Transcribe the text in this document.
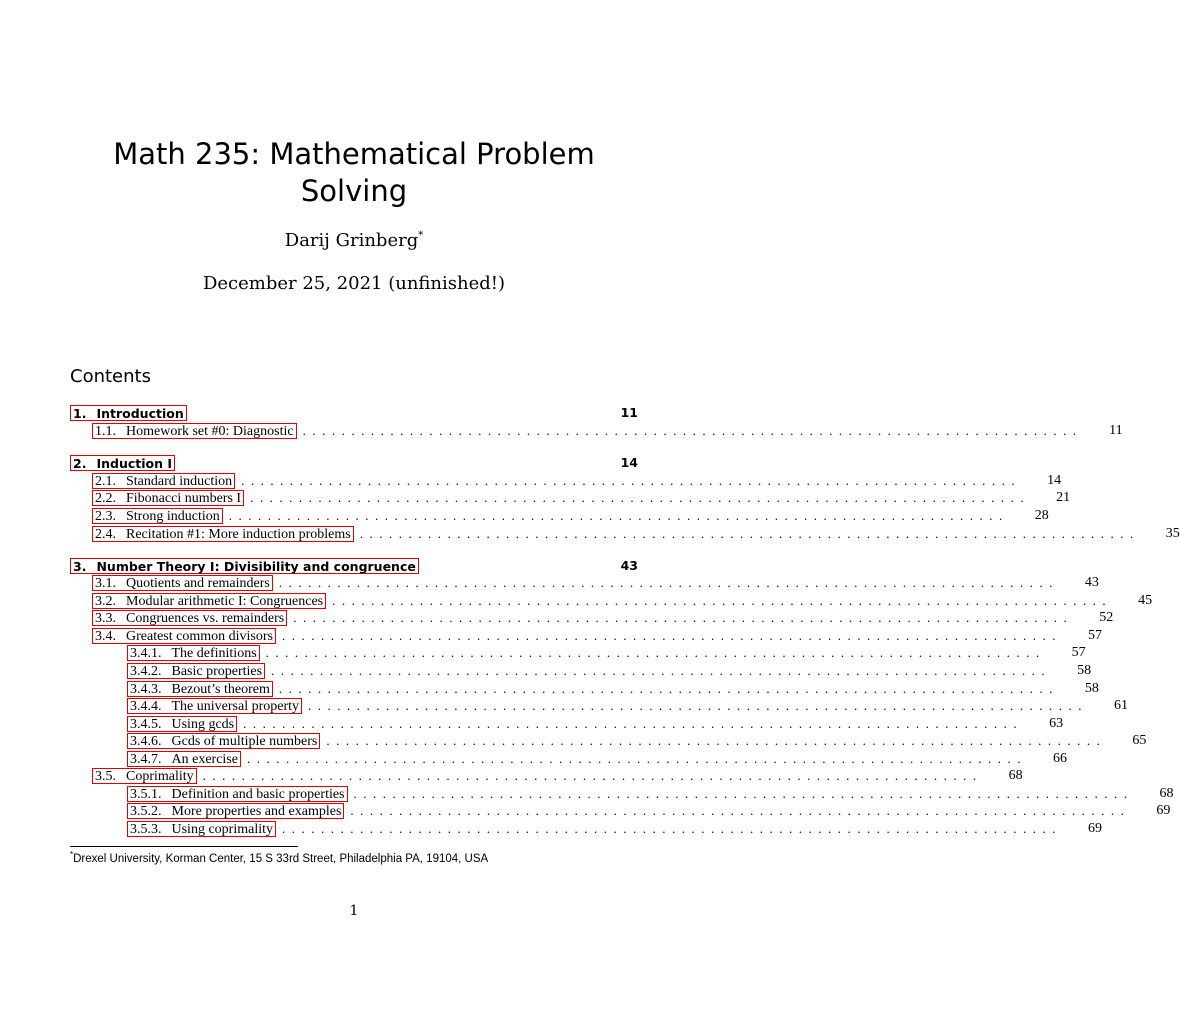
Math 235: Mathematical Problem
Solving
Darij Grinberg*
December 25, 2021 (unfinished!)
Contents
1. Introduction	11
1.1. Homework set #0: Diagnostic ................................................................................	11
2. Induction I	14
2.1. Standard induction ................................................................................	14
2.2. Fibonacci numbers I ................................................................................	21
2.3. Strong induction ................................................................................	28
2.4. Recitation #1: More induction problems ................................................................................	35
3. Number Theory I: Divisibility and congruence	43
3.1. Quotients and remainders ................................................................................	43
3.2. Modular arithmetic I: Congruences ................................................................................	45
3.3. Congruences vs. remainders ................................................................................	52
3.4. Greatest common divisors ................................................................................	57
3.4.1. The definitions ................................................................................	57
3.4.2. Basic properties ................................................................................	58
3.4.3. Bezout’s theorem ................................................................................	58
3.4.4. The universal property ................................................................................	61
3.4.5. Using gcds ................................................................................	63
3.4.6. Gcds of multiple numbers ................................................................................	65
3.4.7. An exercise ................................................................................	66
3.5. Coprimality ................................................................................	68
3.5.1. Definition and basic properties ................................................................................	68
3.5.2. More properties and examples ................................................................................	69
3.5.3. Using coprimality ................................................................................	69
*Drexel University, Korman Center, 15 S 33rd Street, Philadelphia PA, 19104, USA
1
